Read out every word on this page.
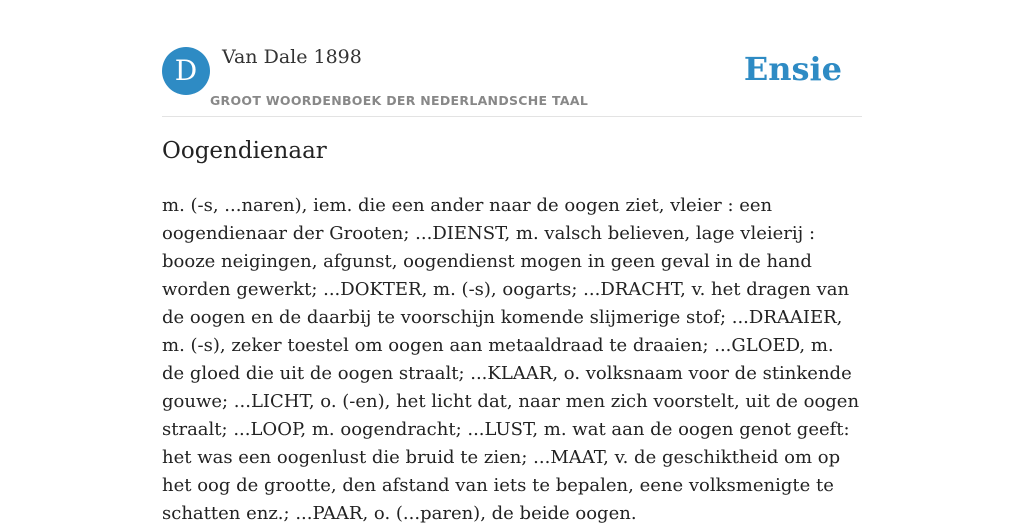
D	Van Dale 1898
GROOT WOORDENBOEK DER NEDERLANDSCHE TAAL
Ensie
Oogendienaar

m. (-s, ...naren), iem. die een ander naar de oogen ziet, vleier : een oogendienaar der Grooten; ...DIENST, m. valsch believen, lage vleierij : booze neigingen, afgunst, oogendienst mogen in geen geval in de hand worden gewerkt; ...DOKTER, m. (-s), oogarts; ...DRACHT, v. het dragen van de oogen en de daarbij te voorschijn komende slijmerige stof; ...DRAAIER, m. (-s), zeker toestel om oogen aan metaaldraad te draaien; ...GLOED, m. de gloed die uit de oogen straalt; ...KLAAR, o. volksnaam voor de stinkende gouwe; ...LICHT, o. (-en), het licht dat, naar men zich voorstelt, uit de oogen straalt; ...LOOP, m. oogendracht; ...LUST, m. wat aan de oogen genot geeft: het was een oogenlust die bruid te zien; ...MAAT, v. de geschiktheid om op het oog de grootte, den afstand van iets te bepalen, eene volksmenigte te schatten enz.; ...PAAR, o. (...paren), de beide oogen.
